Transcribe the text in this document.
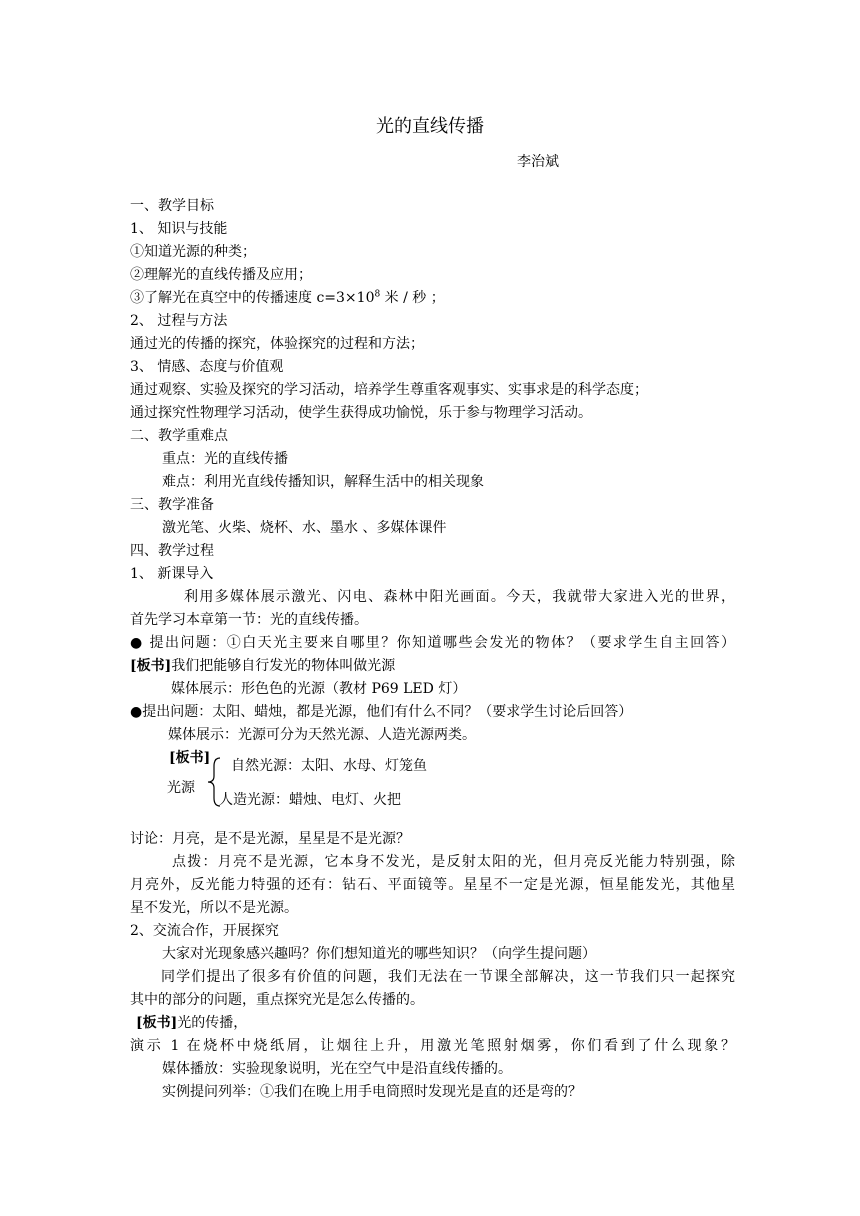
光的直线传播
李治斌
一、教学目标
1、 知识与技能
①知道光源的种类；
②理解光的直线传播及应用；
③了解光在真空中的传播速度 $c=3\times 10^8$ 米 / 秒 ；
2、 过程与方法
通过光的传播的探究，体验探究的过程和方法；
3、 情感、态度与价值观
通过观察、实验及探究的学习活动，培养学生尊重客观事实、实事求是的科学态度；
通过探究性物理学习活动，使学生获得成功愉悦，乐于参与物理学习活动。
二、教学重难点
重点：光的直线传播
难点：利用光直线传播知识，解释生活中的相关现象
三、教学准备
激光笔、火柴、烧杯、水、墨水 、多媒体课件
四、教学过程
1、 新课导入
利用多媒体展示激光、闪电、森林中阳光画面。今天，我就带大家进入光的世界，
首先学习本章第一节：光的直线传播。
● 提出问题：①白天光主要来自哪里？你知道哪些会发光的物体？（要求学生自主回答）
[板书]我们把能够自行发光的物体叫做光源
媒体展示：形色色的光源（教材 P69 LED 灯）
●提出问题：太阳、蜡烛，都是光源，他们有什么不同？（要求学生讨论后回答）
媒体展示：光源可分为天然光源、人造光源两类。
[板书] 自然光源：太阳、水母、灯笼鱼
光源
人造光源：蜡烛、电灯、火把
讨论：月亮，是不是光源，星星是不是光源？
点拨：月亮不是光源，它本身不发光，是反射太阳的光，但月亮反光能力特别强，除
月亮外，反光能力特强的还有：钻石、平面镜等。星星不一定是光源，恒星能发光，其他星
星不发光，所以不是光源。
2、交流合作，开展探究
大家对光现象感兴趣吗？你们想知道光的哪些知识？（向学生提问题）
同学们提出了很多有价值的问题，我们无法在一节课全部解决，这一节我们只一起探究
其中的部分的问题，重点探究光是怎么传播的。
[板书]光的传播，
演示 1 在烧杯中烧纸屑，让烟往上升，用激光笔照射烟雾，你们看到了什么现象？
媒体播放：实验现象说明，光在空气中是沿直线传播的。
实例提问列举：①我们在晚上用手电筒照时发现光是直的还是弯的？
